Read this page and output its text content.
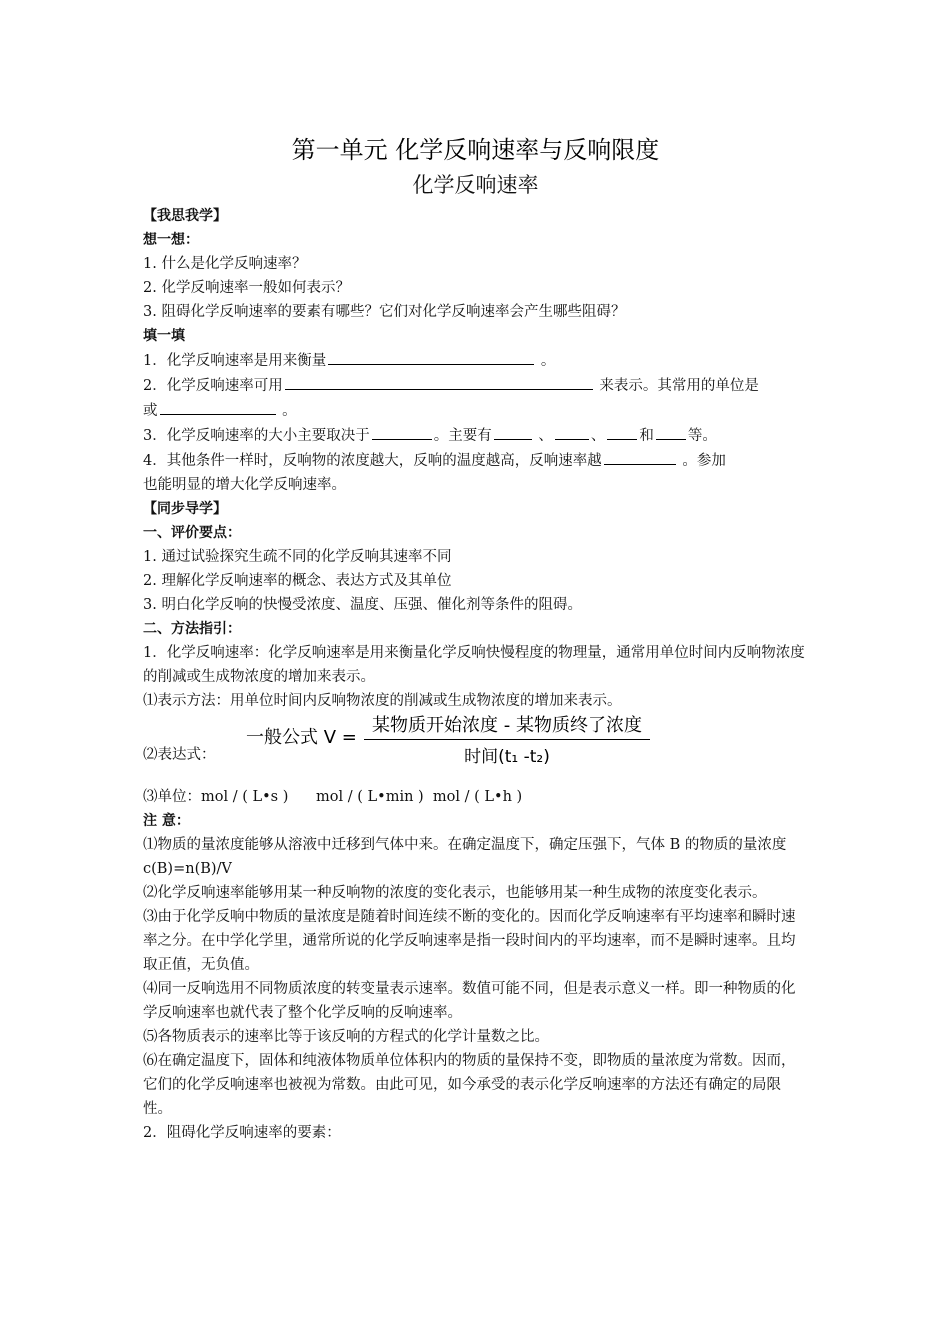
第一单元 化学反响速率与反响限度
化学反响速率
【我思我学】
想一想：
1. 什么是化学反响速率？
2. 化学反响速率一般如何表示？
3. 阻碍化学反响速率的要素有哪些？它们对化学反响速率会产生哪些阻碍？
填一填
1．化学反响速率是用来衡量	。
2．化学反响速率可用	来表示。其常用的单位是
或	。
3．化学反响速率的大小主要取决于	。主要有	、	、 和 等。
4．其他条件一样时，反响物的浓度越大，反响的温度越高，反响速率越	。参加
也能明显的增大化学反响速率。
【同步导学】
一、评价要点：
1. 通过试验探究生疏不同的化学反响其速率不同
2. 理解化学反响速率的概念、表达方式及其单位
3. 明白化学反响的快慢受浓度、温度、压强、催化剂等条件的阻碍。
二、方法指引：
1．化学反响速率：化学反响速率是用来衡量化学反响快慢程度的物理量，通常用单位时间内反响物浓度的削减或生成物浓度的增加来表示。
⑴表示方法：用单位时间内反响物浓度的削减或生成物浓度的增加来表示。
⑵表达式：
一般公式 V =
某物质开始浓度 - 某物质终了浓度
时间(t₁ -t₂)
⑶单位：mol / ( L•s )      mol / ( L•min )  mol / ( L•h )
注 意：
⑴物质的量浓度能够从溶液中迁移到气体中来。在确定温度下，确定压强下，气体 B 的物质的量浓度 c(B)=n(B)/V
⑵化学反响速率能够用某一种反响物的浓度的变化表示，也能够用某一种生成物的浓度变化表示。
⑶由于化学反响中物质的量浓度是随着时间连续不断的变化的。因而化学反响速率有平均速率和瞬时速率之分。在中学化学里，通常所说的化学反响速率是指一段时间内的平均速率，而不是瞬时速率。且均取正值，无负值。
⑷同一反响选用不同物质浓度的转变量表示速率。数值可能不同，但是表示意义一样。即一种物质的化学反响速率也就代表了整个化学反响的反响速率。
⑸各物质表示的速率比等于该反响的方程式的化学计量数之比。
⑹在确定温度下，固体和纯液体物质单位体积内的物质的量保持不变，即物质的量浓度为常数。因而，它们的化学反响速率也被视为常数。由此可见，如今承受的表示化学反响速率的方法还有确定的局限性。
2．阻碍化学反响速率的要素：
